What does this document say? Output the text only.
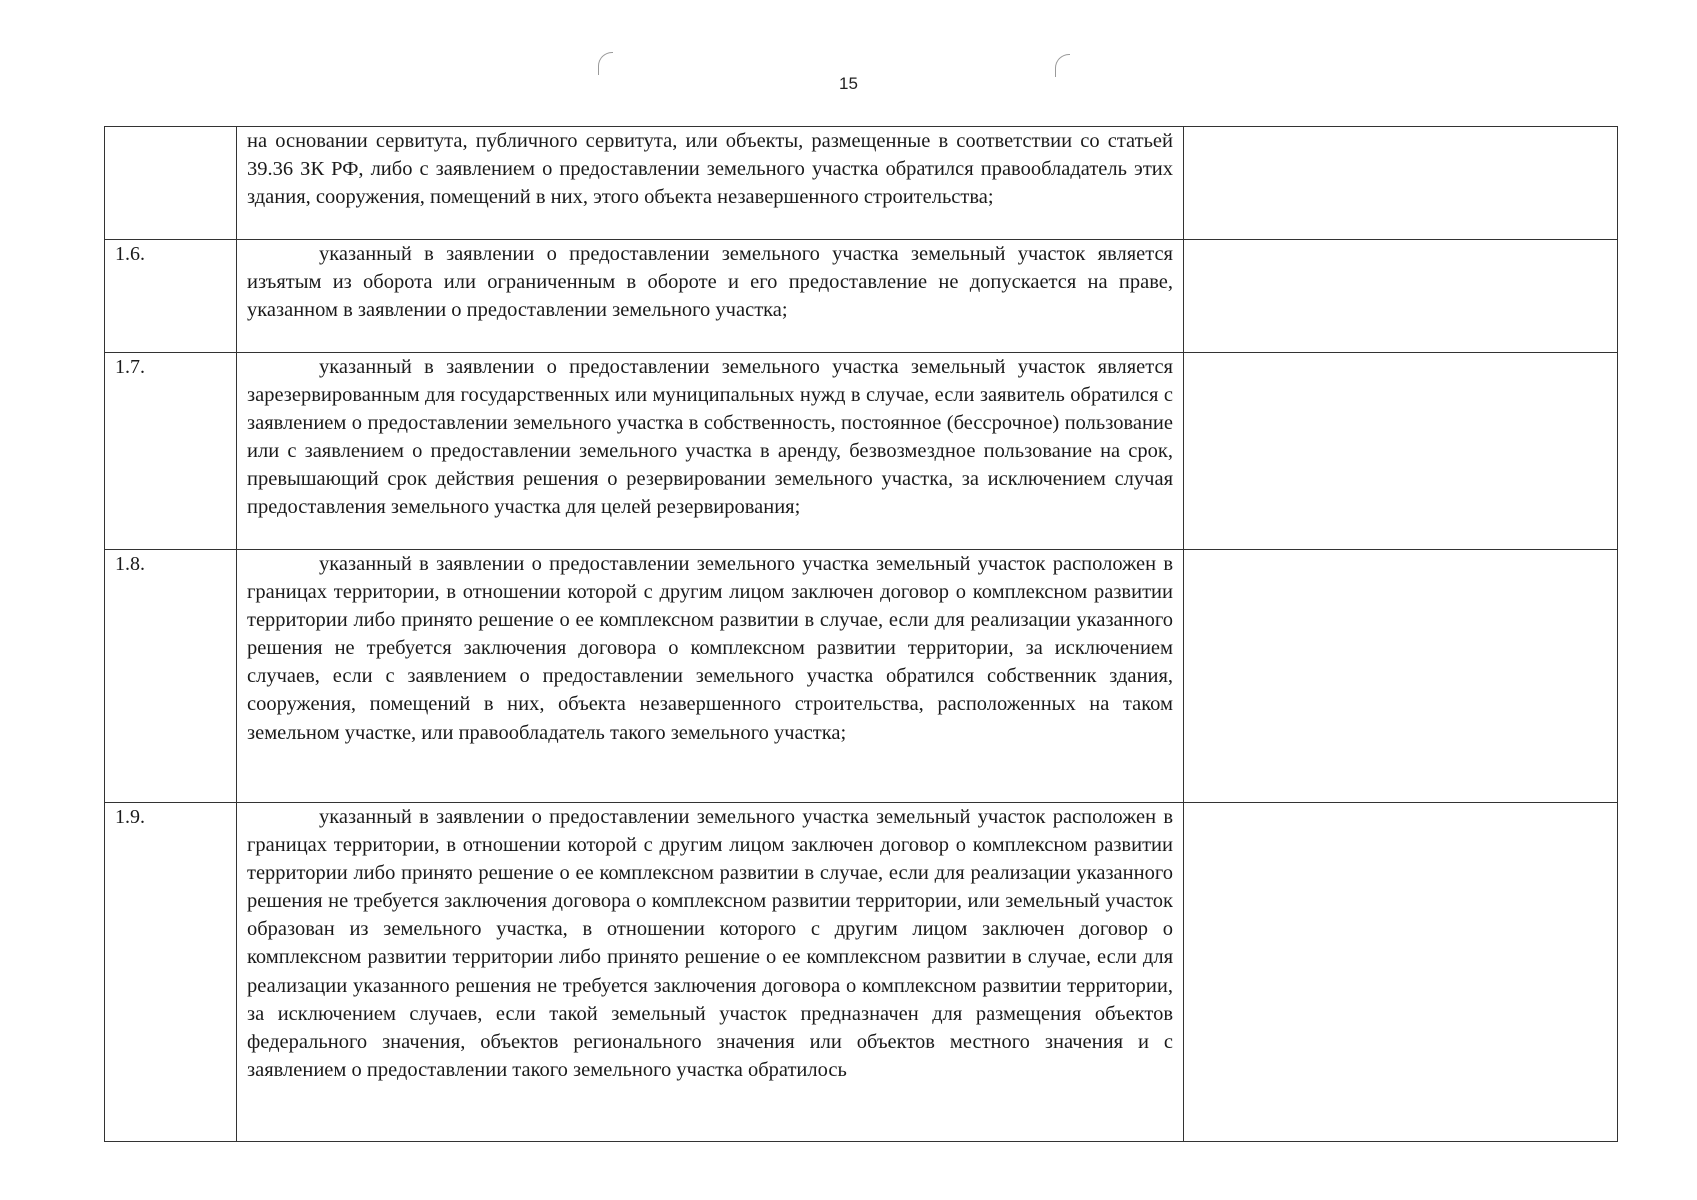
15
	на основании сервитута, публичного сервитута, или объекты, размещенные в соответствии со статьей 39.36 ЗК РФ, либо с заявлением о предоставлении земельного участка обратился правообладатель этих здания, сооружения, помещений в них, этого объекта незавершенного строительства;	
1.6.	указанный в заявлении о предоставлении земельного участка земельный участок является изъятым из оборота или ограниченным в обороте и его предоставление не допускается на праве, указанном в заявлении о предоставлении земельного участка;	
1.7.	указанный в заявлении о предоставлении земельного участка земельный участок является зарезервированным для государственных или муниципальных нужд в случае, если заявитель обратился с заявлением о предоставлении земельного участка в собственность, постоянное (бессрочное) пользование или с заявлением о предоставлении земельного участка в аренду, безвозмездное пользование на срок, превышающий срок действия решения о резервировании земельного участка, за исключением случая предоставления земельного участка для целей резервирования;	
1.8.	указанный в заявлении о предоставлении земельного участка земельный участок расположен в границах территории, в отношении которой с другим лицом заключен договор о комплексном развитии территории либо принято решение о ее комплексном развитии в случае, если для реализации указанного решения не требуется заключения договора о комплексном развитии территории, за исключением случаев, если с заявлением о предоставлении земельного участка обратился собственник здания, сооружения, помещений в них, объекта незавершенного строительства, расположенных на таком земельном участке, или правообладатель такого земельного участка;	
1.9.	указанный в заявлении о предоставлении земельного участка земельный участок расположен в границах территории, в отношении которой с другим лицом заключен договор о комплексном развитии территории либо принято решение о ее комплексном развитии в случае, если для реализации указанного решения не требуется заключения договора о комплексном развитии территории, или земельный участок образован из земельного участка, в отношении которого с другим лицом заключен договор о комплексном развитии территории либо принято решение о ее комплексном развитии в случае, если для реализации указанного решения не требуется заключения договора о комплексном развитии территории, за исключением случаев, если такой земельный участок предназначен для размещения объектов федерального значения, объектов регионального значения или объектов местного значения и с заявлением о предоставлении такого земельного участка обратилось	
